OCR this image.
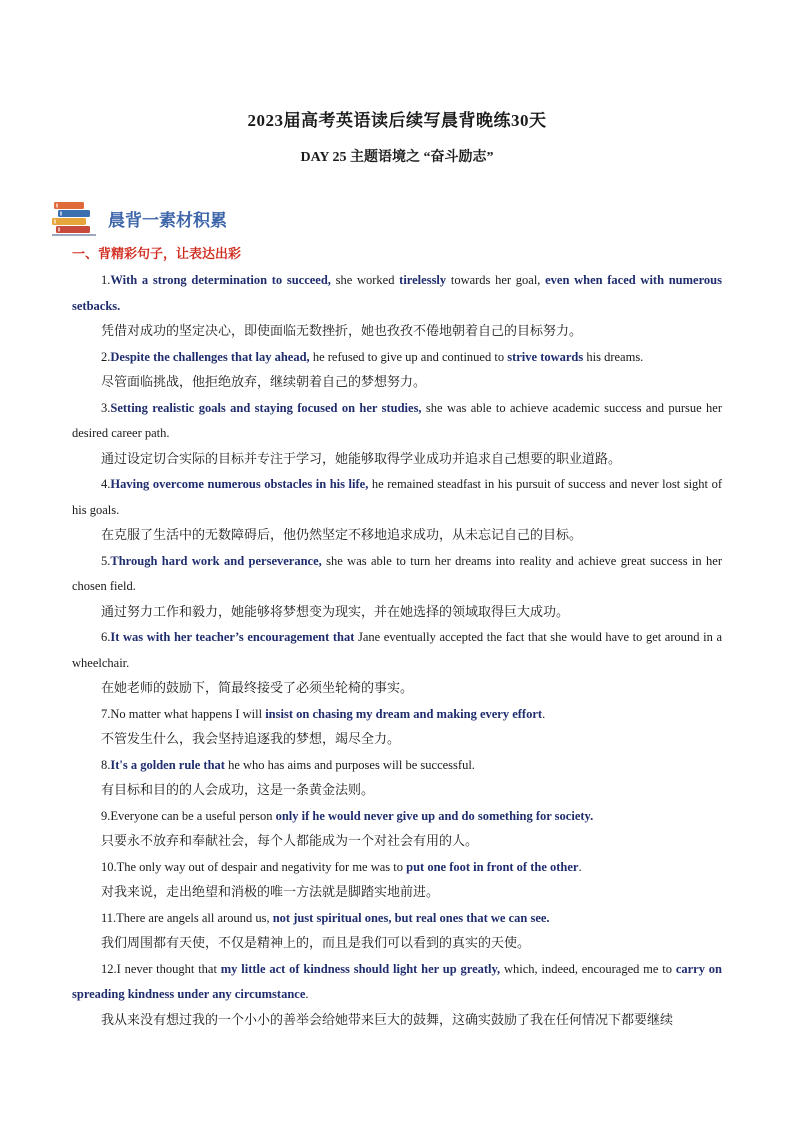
2023届高考英语读后续写晨背晚练30天
DAY 25 主题语境之 “奋斗励志”
晨背一素材积累
一、背精彩句子，让表达出彩

1.With a strong determination to succeed, she worked tirelessly towards her goal, even when faced with numerous setbacks.

凭借对成功的坚定决心，即使面临无数挫折，她也孜孜不倦地朝着自己的目标努力。

2.Despite the challenges that lay ahead, he refused to give up and continued to strive towards his dreams.

尽管面临挑战，他拒绝放弃，继续朝着自己的梦想努力。

3.Setting realistic goals and staying focused on her studies, she was able to achieve academic success and pursue her desired career path.

通过设定切合实际的目标并专注于学习，她能够取得学业成功并追求自己想要的职业道路。

4.Having overcome numerous obstacles in his life, he remained steadfast in his pursuit of success and never lost sight of his goals.

在克服了生活中的无数障碍后，他仍然坚定不移地追求成功，从未忘记自己的目标。

5.Through hard work and perseverance, she was able to turn her dreams into reality and achieve great success in her chosen field.

通过努力工作和毅力，她能够将梦想变为现实，并在她选择的领域取得巨大成功。

6.It was with her teacher’s encouragement that Jane eventually accepted the fact that she would have to get around in a wheelchair.

在她老师的鼓励下，简最终接受了必须坐轮椅的事实。

7.No matter what happens I will insist on chasing my dream and making every effort.

不管发生什么，我会坚持追逐我的梦想，竭尽全力。

8.It's a golden rule that he who has aims and purposes will be successful.

有目标和目的的人会成功，这是一条黄金法则。

9.Everyone can be a useful person only if he would never give up and do something for society.

只要永不放弃和奉献社会，每个人都能成为一个对社会有用的人。

10.The only way out of despair and negativity for me was to put one foot in front of the other.

对我来说，走出绝望和消极的唯一方法就是脚踏实地前进。

11.There are angels all around us, not just spiritual ones, but real ones that we can see.

我们周围都有天使，不仅是精神上的，而且是我们可以看到的真实的天使。

12.I never thought that my little act of kindness should light her up greatly, which, indeed, encouraged me to carry on spreading kindness under any circumstance.

我从来没有想过我的一个小小的善举会给她带来巨大的鼓舞，这确实鼓励了我在任何情况下都要继续
